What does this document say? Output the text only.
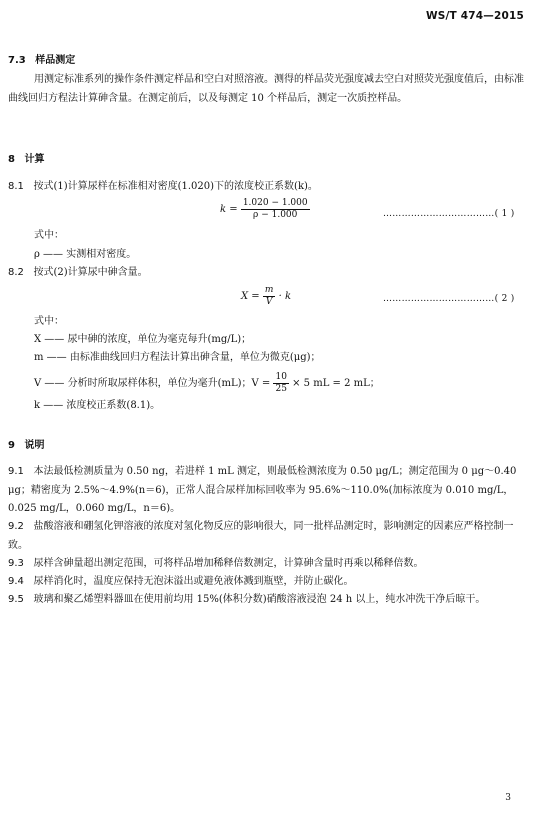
WS/T 474—2015
7.3 样品测定
用测定标准系列的操作条件测定样品和空白对照溶液。测得的样品荧光强度减去空白对照荧光强度值后，由标准曲线回归方程法计算砷含量。在测定前后，以及每测定 10 个样品后，测定一次质控样品。
8 计算
8.1 按式(1)计算尿样在标准相对密度(1.020)下的浓度校正系数(k)。
$k = \frac{1.020 - 1.000}{\rho - 1.000}$	………………………………( 1 )
式中：
ρ —— 实测相对密度。
8.2 按式(2)计算尿中砷含量。
$X = \frac{m}{V} \cdot k$	………………………………( 2 )
式中：
X —— 尿中砷的浓度，单位为毫克每升(mg/L)；
m —— 由标准曲线回归方程法计算出砷含量，单位为微克(μg)；
V —— 分析时所取尿样体积，单位为毫升(mL)；$V = \frac{10}{25} \times 5$ mL = 2 mL；
k —— 浓度校正系数(8.1)。
9 说明
9.1 本法最低检测质量为 0.50 ng，若进样 1 mL 测定，则最低检测浓度为 0.50 μg/L；测定范围为 0 μg～0.40 μg；精密度为 2.5%～4.9%(n＝6)，正常人混合尿样加标回收率为 95.6%～110.0%(加标浓度为 0.010 mg/L，0.025 mg/L，0.060 mg/L，n＝6)。
9.2 盐酸溶液和硼氢化钾溶液的浓度对氢化物反应的影响很大，同一批样品测定时，影响测定的因素应严格控制一致。
9.3 尿样含砷量超出测定范围，可将样品增加稀释倍数测定，计算砷含量时再乘以稀释倍数。
9.4 尿样消化时，温度应保持无泡沫溢出或避免液体溅到瓶壁，并防止碳化。
9.5 玻璃和聚乙烯塑料器皿在使用前均用 15%(体积分数)硝酸溶液浸泡 24 h 以上，纯水冲洗干净后晾干。
3
